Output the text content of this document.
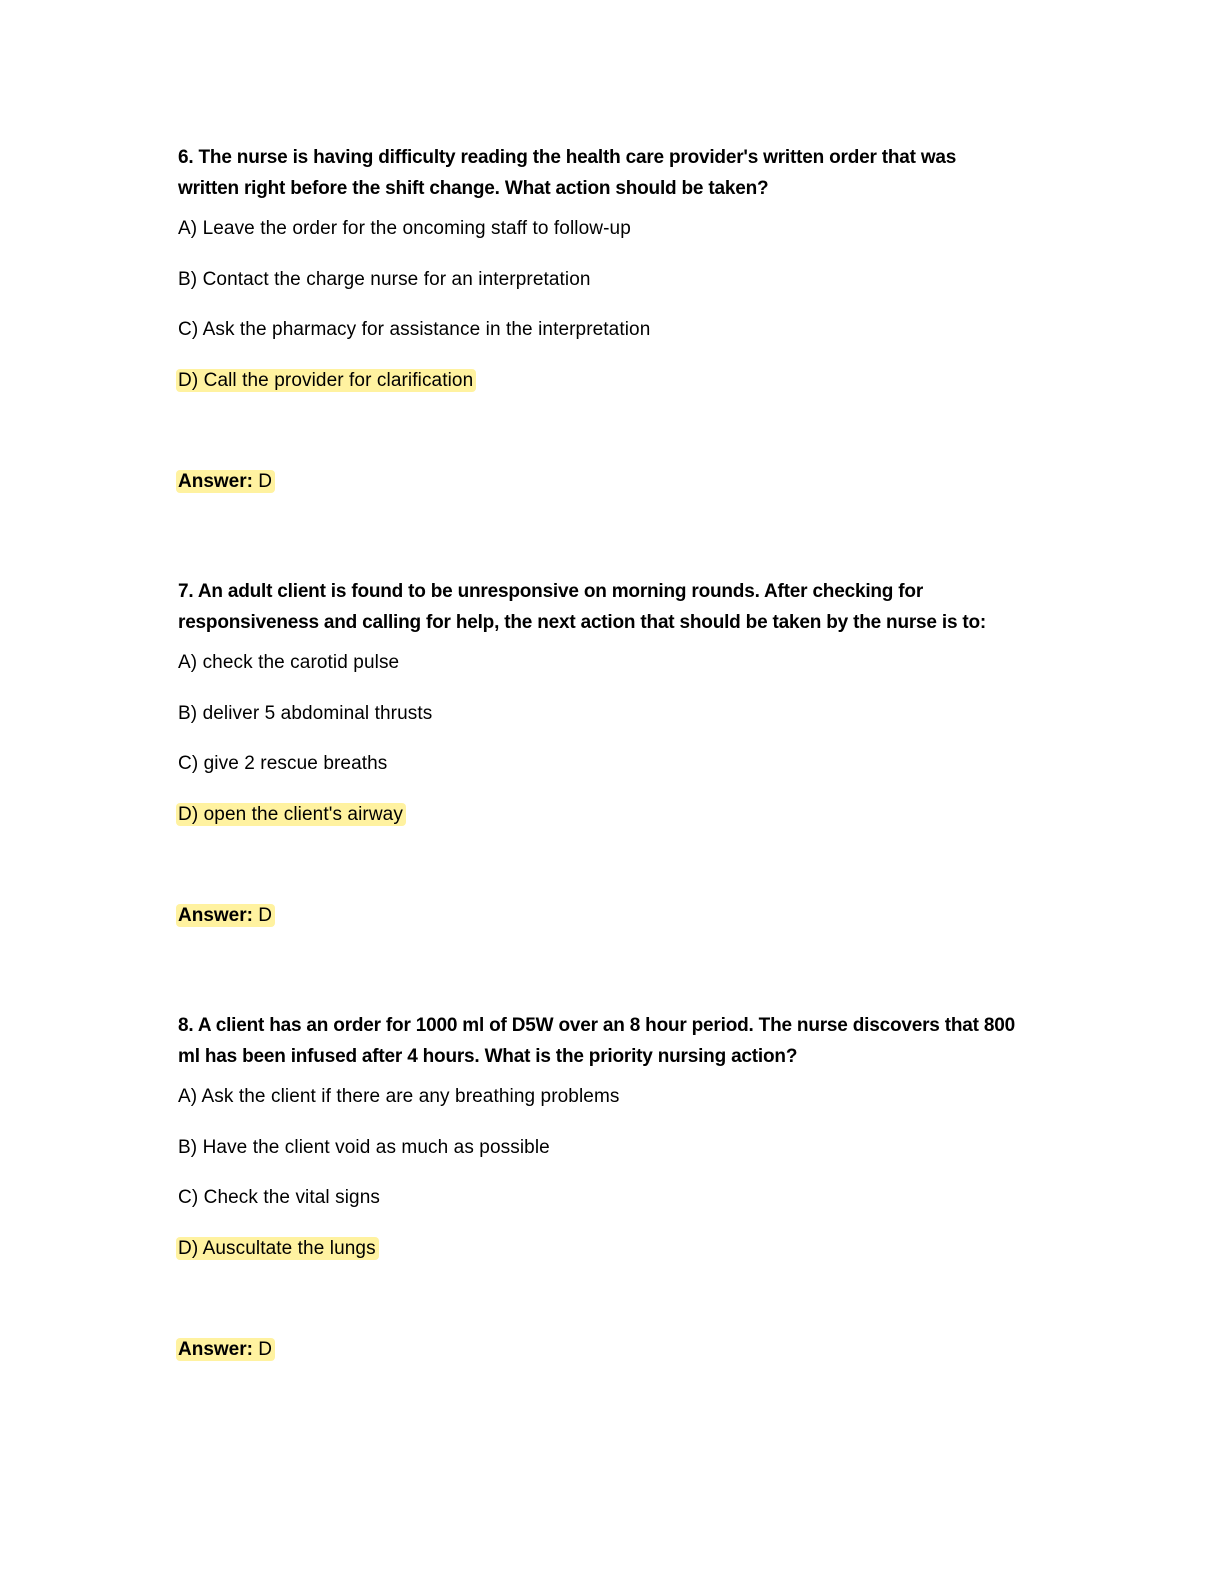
6. The nurse is having difficulty reading the health care provider's written order that was written right before the shift change. What action should be taken?

A) Leave the order for the oncoming staff to follow-up

B) Contact the charge nurse for an interpretation

C) Ask the pharmacy for assistance in the interpretation

D) Call the provider for clarification

Answer: D

7. An adult client is found to be unresponsive on morning rounds. After checking for responsiveness and calling for help, the next action that should be taken by the nurse is to:

A) check the carotid pulse

B) deliver 5 abdominal thrusts

C) give 2 rescue breaths

D) open the client's airway

Answer: D

8. A client has an order for 1000 ml of D5W over an 8 hour period. The nurse discovers that 800 ml has been infused after 4 hours. What is the priority nursing action?

A) Ask the client if there are any breathing problems

B) Have the client void as much as possible

C) Check the vital signs

D) Auscultate the lungs

Answer: D
